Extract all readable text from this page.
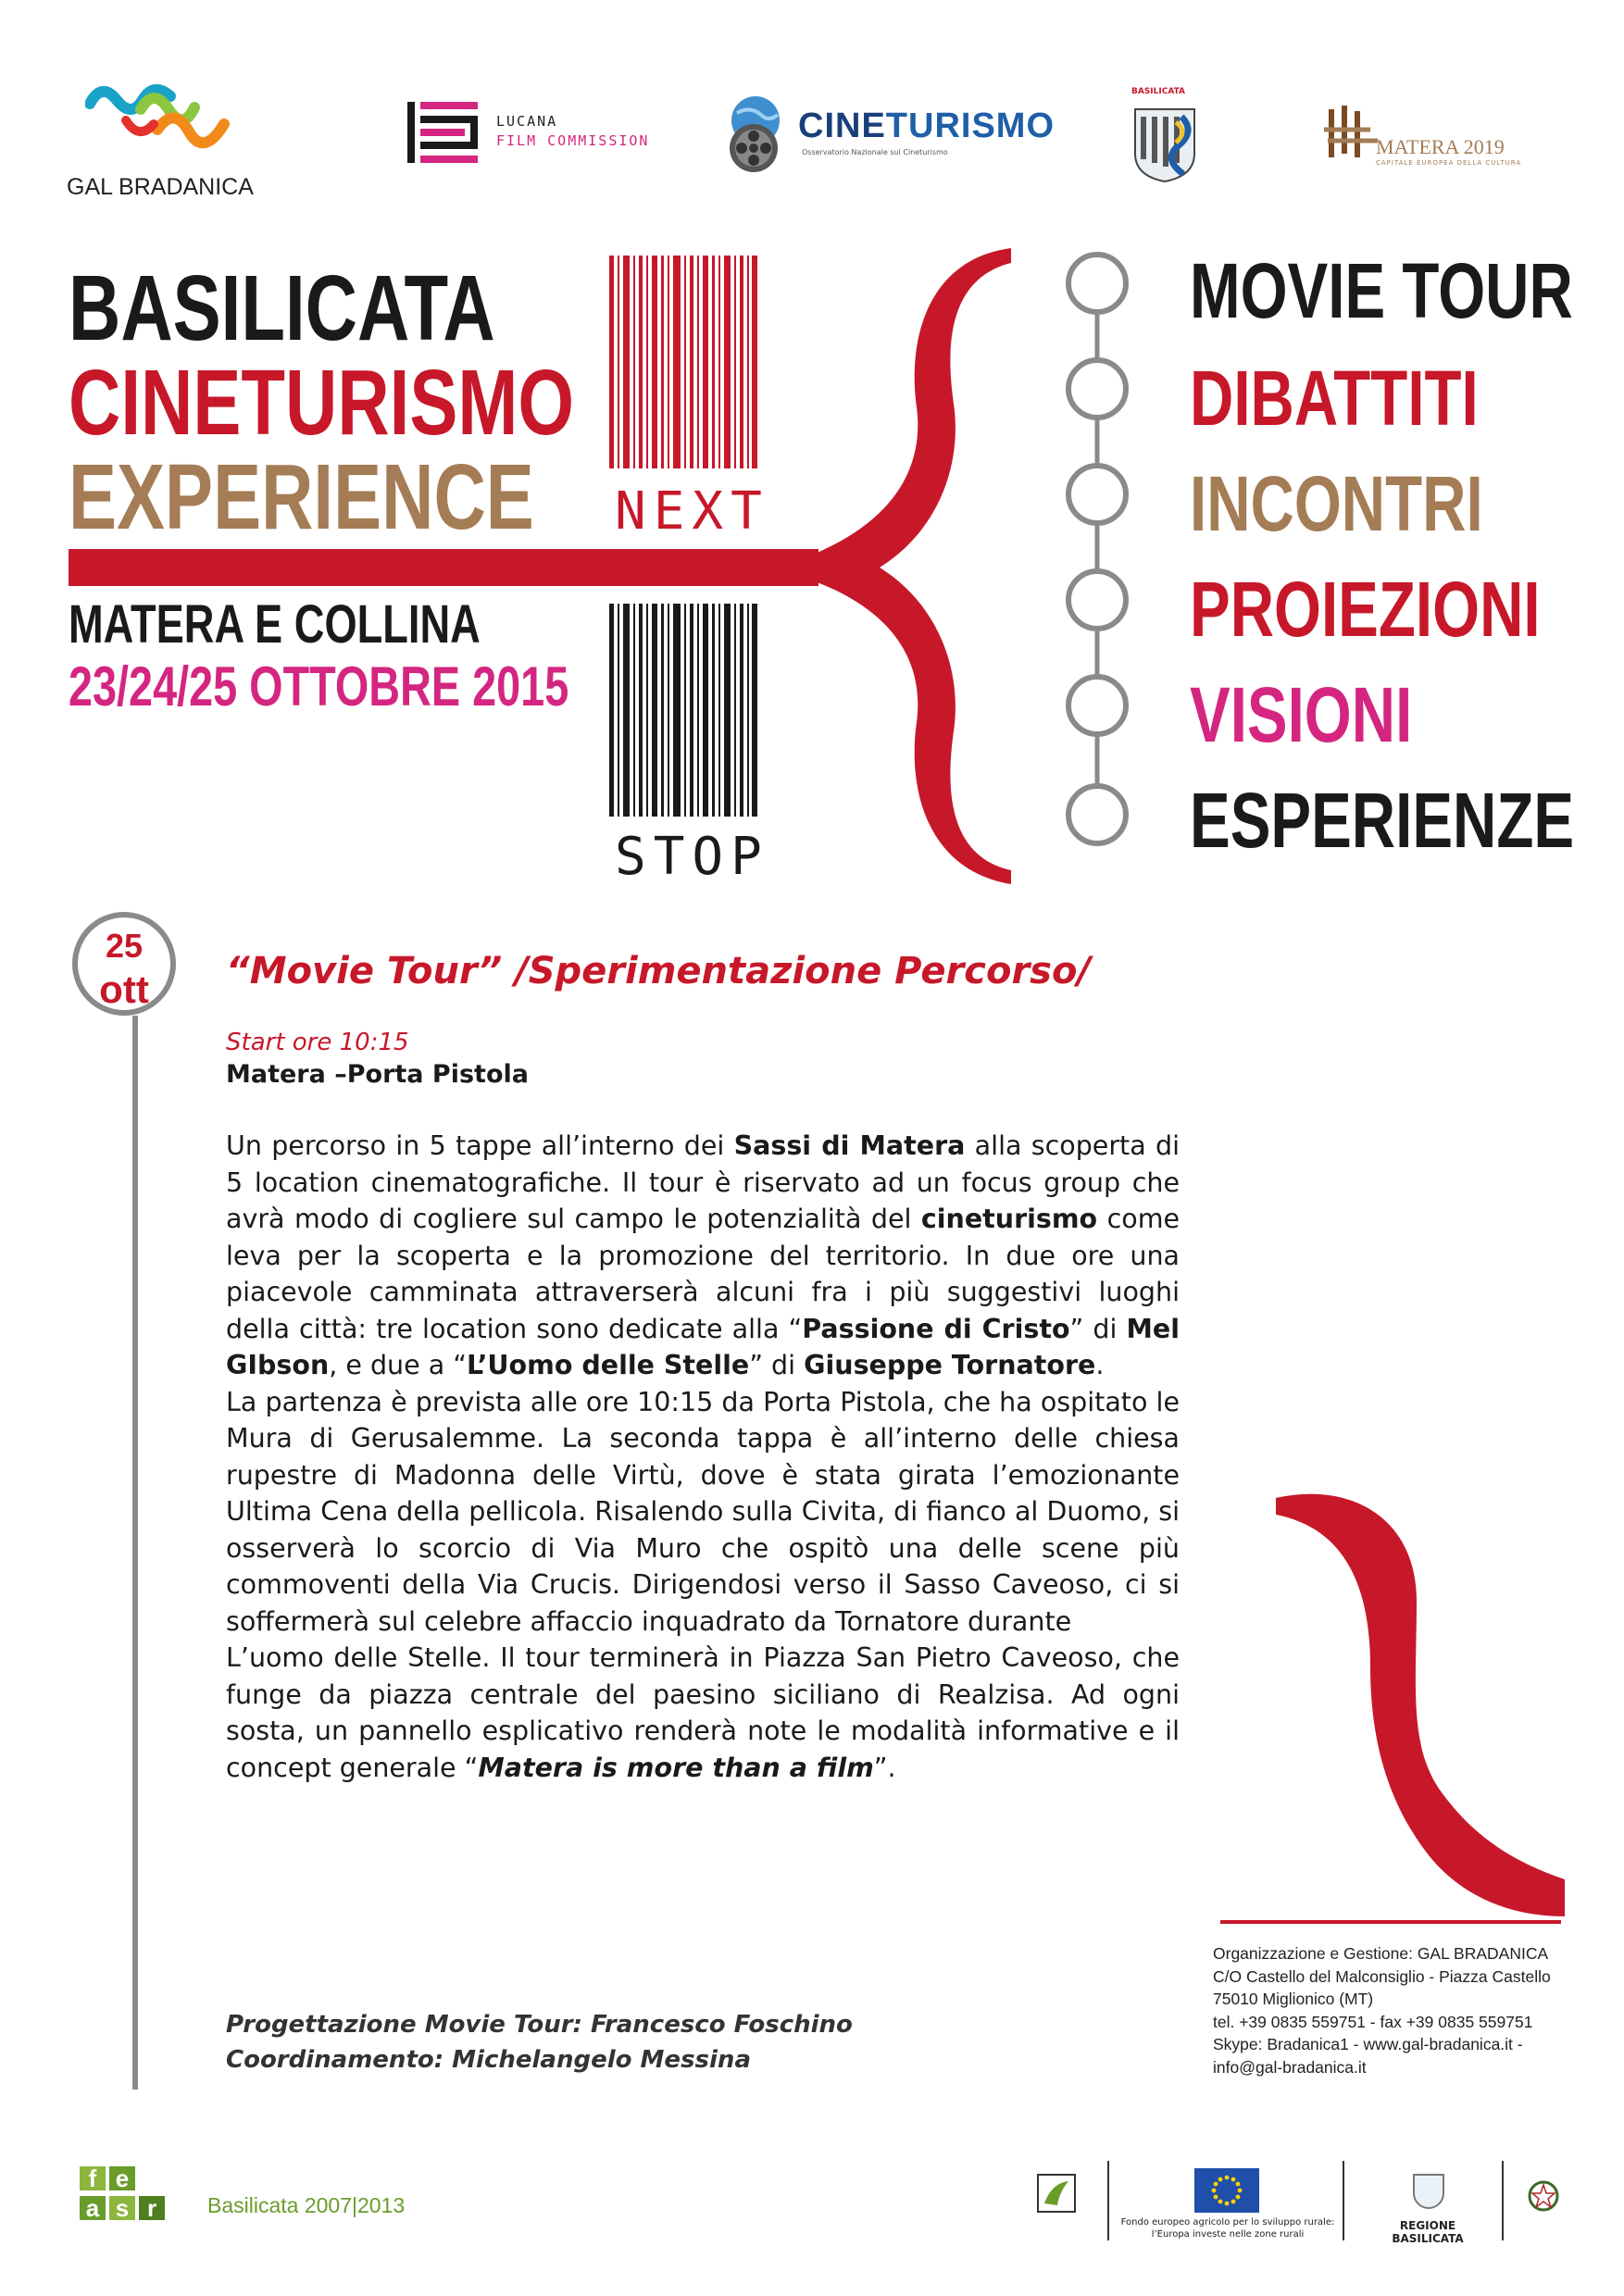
GAL BRADANICA
LUCANA
FILM COMMISSION	CINETURISMO
Osservatorio Nazionale sul Cineturismo
BASILICATA
MATERA 2019
CAPITALE EUROPEA DELLA CULTURA
BASILICATA
CINETURISMO
EXPERIENCE
MATERA E COLLINA
23/24/25 OTTOBRE 2015
NEXT
STOP
MOVIE TOUR
DIBATTITI
INCONTRI
PROIEZIONI
VISIONI
ESPERIENZE
25
ott	“Movie Tour” /Sperimentazione Percorso/
Start ore 10:15
Matera –Porta Pistola

Un percorso in 5 tappe all’interno dei Sassi di Matera alla scoperta di 5 location cinematografiche. Il tour è riservato ad un focus group che avrà modo di cogliere sul campo le potenzialità del cineturismo come leva per la scoperta e la promozione del territorio. In due ore una piacevole camminata attraverserà alcuni fra i più suggestivi luoghi della città: tre location sono dedicate alla “Passione di Cristo” di Mel GIbson, e due a “L’Uomo delle Stelle” di Giuseppe Tornatore.

La partenza è prevista alle ore 10:15 da Porta Pistola, che ha ospitato le Mura di Gerusalemme. La seconda tappa è all’interno delle chiesa rupestre di Madonna delle Virtù, dove è stata girata l’emozionante Ultima Cena della pellicola. Risalendo sulla Civita, di fianco al Duomo, si osserverà lo scorcio di Via Muro che ospitò una delle scene più commoventi della Via Crucis. Dirigendosi verso il Sasso Caveoso, ci si soffermerà sul celebre affaccio inquadrato da Tornatore durante

L’uomo delle Stelle. Il tour terminerà in Piazza San Pietro Caveoso, che funge da piazza centrale del paesino siciliano di Realzisa. Ad ogni sosta, un pannello esplicativo renderà note le modalità informative e il concept generale “Matera is more than a film”.

Progettazione Movie Tour: Francesco Foschino
Coordinamento: Michelangelo Messina
Organizzazione e Gestione: GAL BRADANICA
C/O Castello del Malconsiglio - Piazza Castello
75010 Miglionico (MT)
tel. +39 0835 559751 - fax +39 0835 559751
Skype: Bradanica1 - www.gal-bradanica.it -
info@gal-bradanica.it
f e
a s r	Basilicata 2007|2013
Fondo europeo agricolo per lo sviluppo rurale:
l’Europa investe nelle zone rurali
REGIONE BASILICATA
